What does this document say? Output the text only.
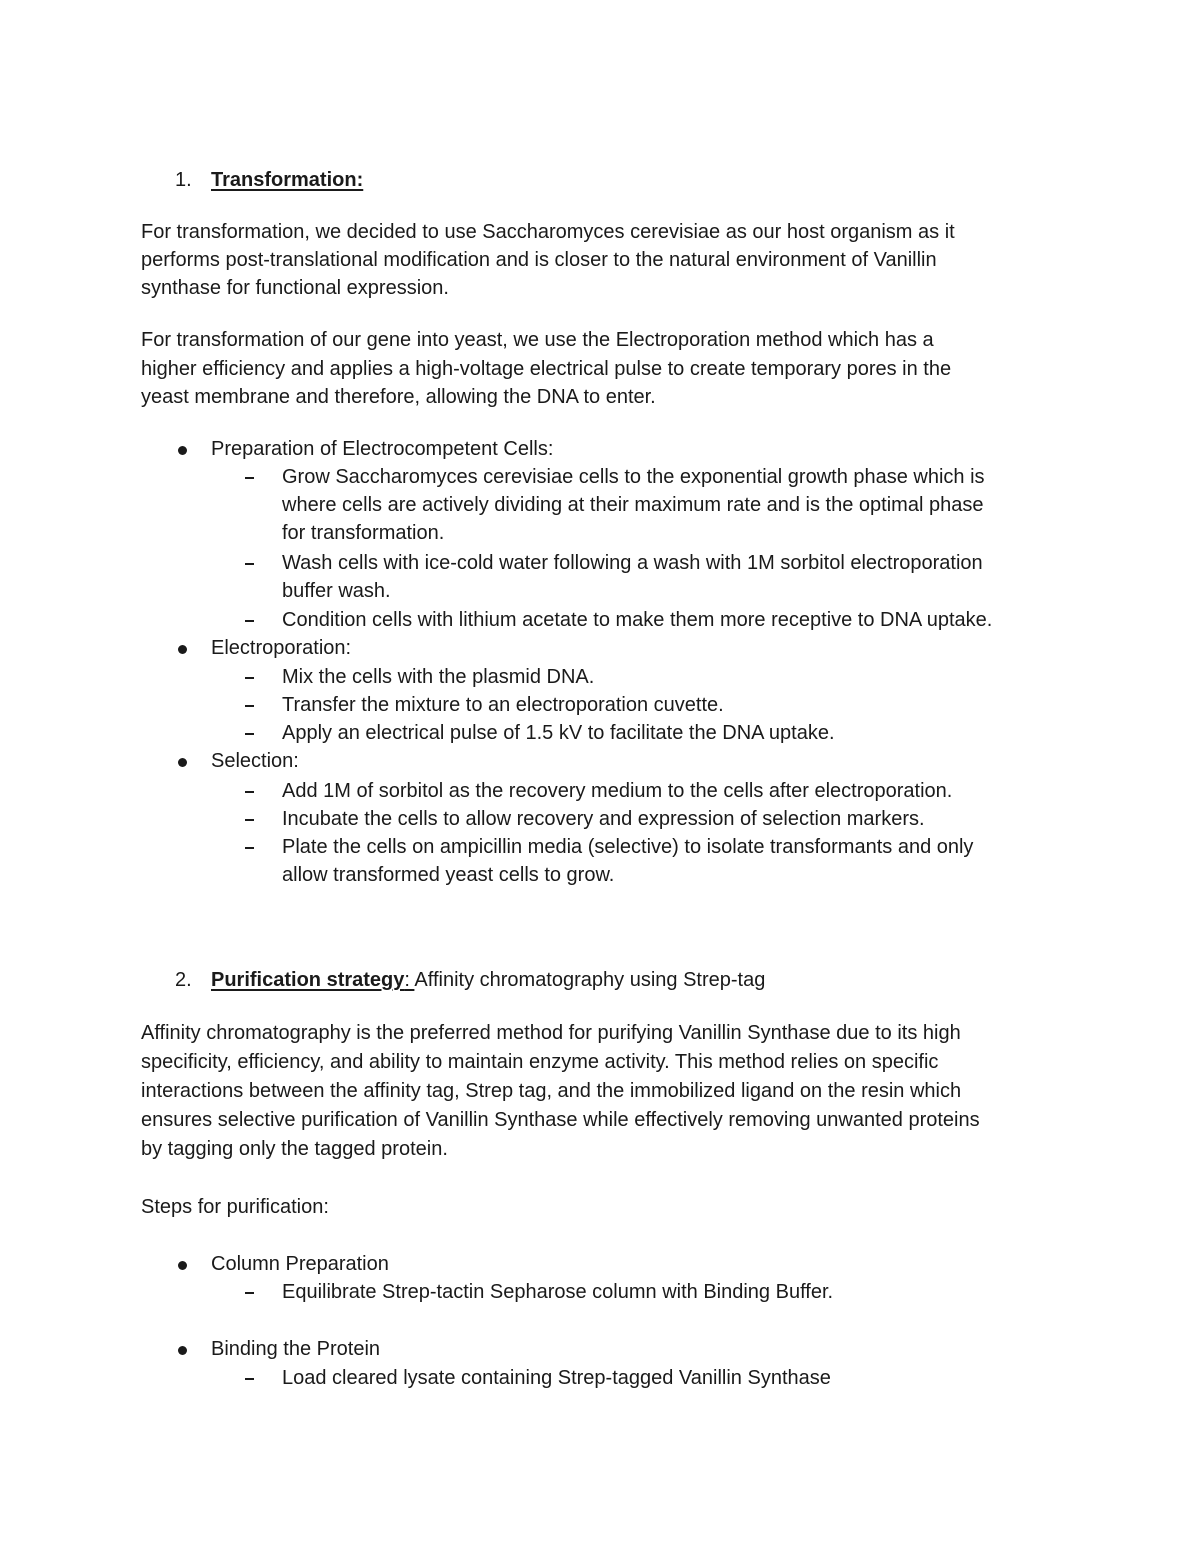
1. Transformation:
For transformation, we decided to use Saccharomyces cerevisiae as our host organism as it
performs post-translational modification and is closer to the natural environment of Vanillin
synthase for functional expression.
For transformation of our gene into yeast, we use the Electroporation method which has a
higher efficiency and applies a high-voltage electrical pulse to create temporary pores in the
yeast membrane and therefore, allowing the DNA to enter.
Preparation of Electrocompetent Cells:
Grow Saccharomyces cerevisiae cells to the exponential growth phase which is
where cells are actively dividing at their maximum rate and is the optimal phase
for transformation.
Wash cells with ice-cold water following a wash with 1M sorbitol electroporation
buffer wash.
Condition cells with lithium acetate to make them more receptive to DNA uptake.
Electroporation:
Mix the cells with the plasmid DNA.
Transfer the mixture to an electroporation cuvette.
Apply an electrical pulse of 1.5 kV to facilitate the DNA uptake.
Selection:
Add 1M of sorbitol as the recovery medium to the cells after electroporation.
Incubate the cells to allow recovery and expression of selection markers.
Plate the cells on ampicillin media (selective) to isolate transformants and only
allow transformed yeast cells to grow.
2. Purification strategy: Affinity chromatography using Strep-tag
Affinity chromatography is the preferred method for purifying Vanillin Synthase due to its high
specificity, efficiency, and ability to maintain enzyme activity. This method relies on specific
interactions between the affinity tag, Strep tag, and the immobilized ligand on the resin which
ensures selective purification of Vanillin Synthase while effectively removing unwanted proteins
by tagging only the tagged protein.
Steps for purification:
Column Preparation
Equilibrate Strep-tactin Sepharose column with Binding Buffer.
Binding the Protein
Load cleared lysate containing Strep-tagged Vanillin Synthase
